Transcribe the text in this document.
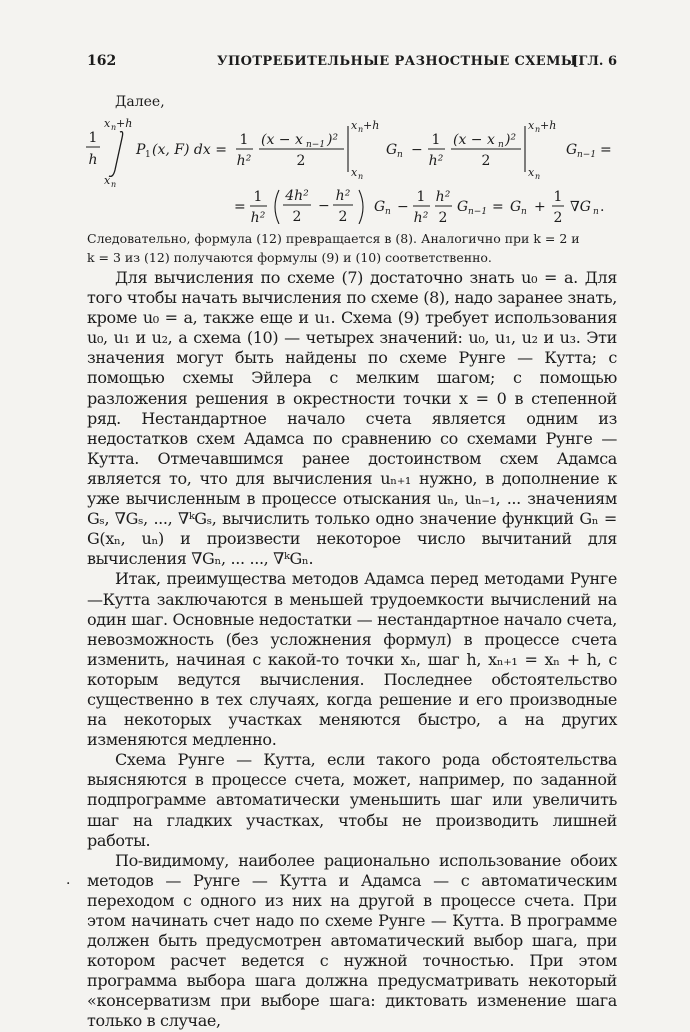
162	УПОТРЕБИТЕЛЬНЫЕ РАЗНОСТНЫЕ СХЕМЫ
[ГЛ. 6
Далее,
1
h
x n +h
x n
P 1 (x, F) dx =
1
h²
(x − x n−1 )²
2
x n +h
x n
G n −
1
h²
(x − x n )²
2
x n +h
x n
G n−1 =
=
1
h²
4h²
2
−
h²
2
G n −
1
h²
h²
2
G n−1 = G n +
1
2
∇G n .
Следовательно, формула (12) превращается в (8). Аналогично при k = 2 и
k = 3 из (12) получаются формулы (9) и (10) соответственно.

Для вычисления по схеме (7) достаточно знать u₀ = a. Для того чтобы начать вычисления по схеме (8), надо заранее знать, кроме u₀ = a, также еще и u₁. Схема (9) требует использования u₀, u₁ и u₂, а схема (10) — четырех значений: u₀, u₁, u₂ и u₃. Эти значения могут быть найдены по схеме Рунге — Кутта; с помощью схемы Эйлера с мелким шагом; с помощью разложения решения в окрестности точки x = 0 в степенной ряд. Нестандартное начало счета является одним из недостатков схем Адамса по сравнению со схемами Рунге — Кутта. Отмечавшимся ранее достоинством схем Адамса является то, что для вычисления uₙ₊₁ нужно, в дополнение к уже вычисленным в процессе отыскания uₙ, uₙ₋₁, ... значениям Gₛ, ∇Gₛ, ..., ∇ᵏGₛ, вычислить только одно значение функций Gₙ = G(xₙ, uₙ) и произвести некоторое число вычитаний для вычисления ∇Gₙ, ... ..., ∇ᵏGₙ.

Итак, преимущества методов Адамса перед методами Рунге—Кутта заключаются в меньшей трудоемкости вычислений на один шаг. Основные недостатки — нестандартное начало счета, невозможность (без усложнения формул) в процессе счета изменить, начиная с какой-то точки xₙ, шаг h, xₙ₊₁ = xₙ + h, с которым ведутся вычисления. Последнее обстоятельство существенно в тех случаях, когда решение и его производные на некоторых участках меняются быстро, а на других изменяются медленно.

Схема Рунге — Кутта, если такого рода обстоятельства выясняются в процессе счета, может, например, по заданной подпрограмме автоматически уменьшить шаг или увеличить шаг на гладких участках, чтобы не производить лишней работы.

По-видимому, наиболее рационально использование обоих методов — Рунге — Кутта и Адамса — с автоматическим переходом с одного из них на другой в процессе счета. При этом начинать счет надо по схеме Рунге — Кутта. В программе должен быть предусмотрен автоматический выбор шага, при котором расчет ведется с нужной точностью. При этом программа выбора шага должна предусматривать некоторый «консерватизм при выборе шага: диктовать изменение шага только в случае,

·
